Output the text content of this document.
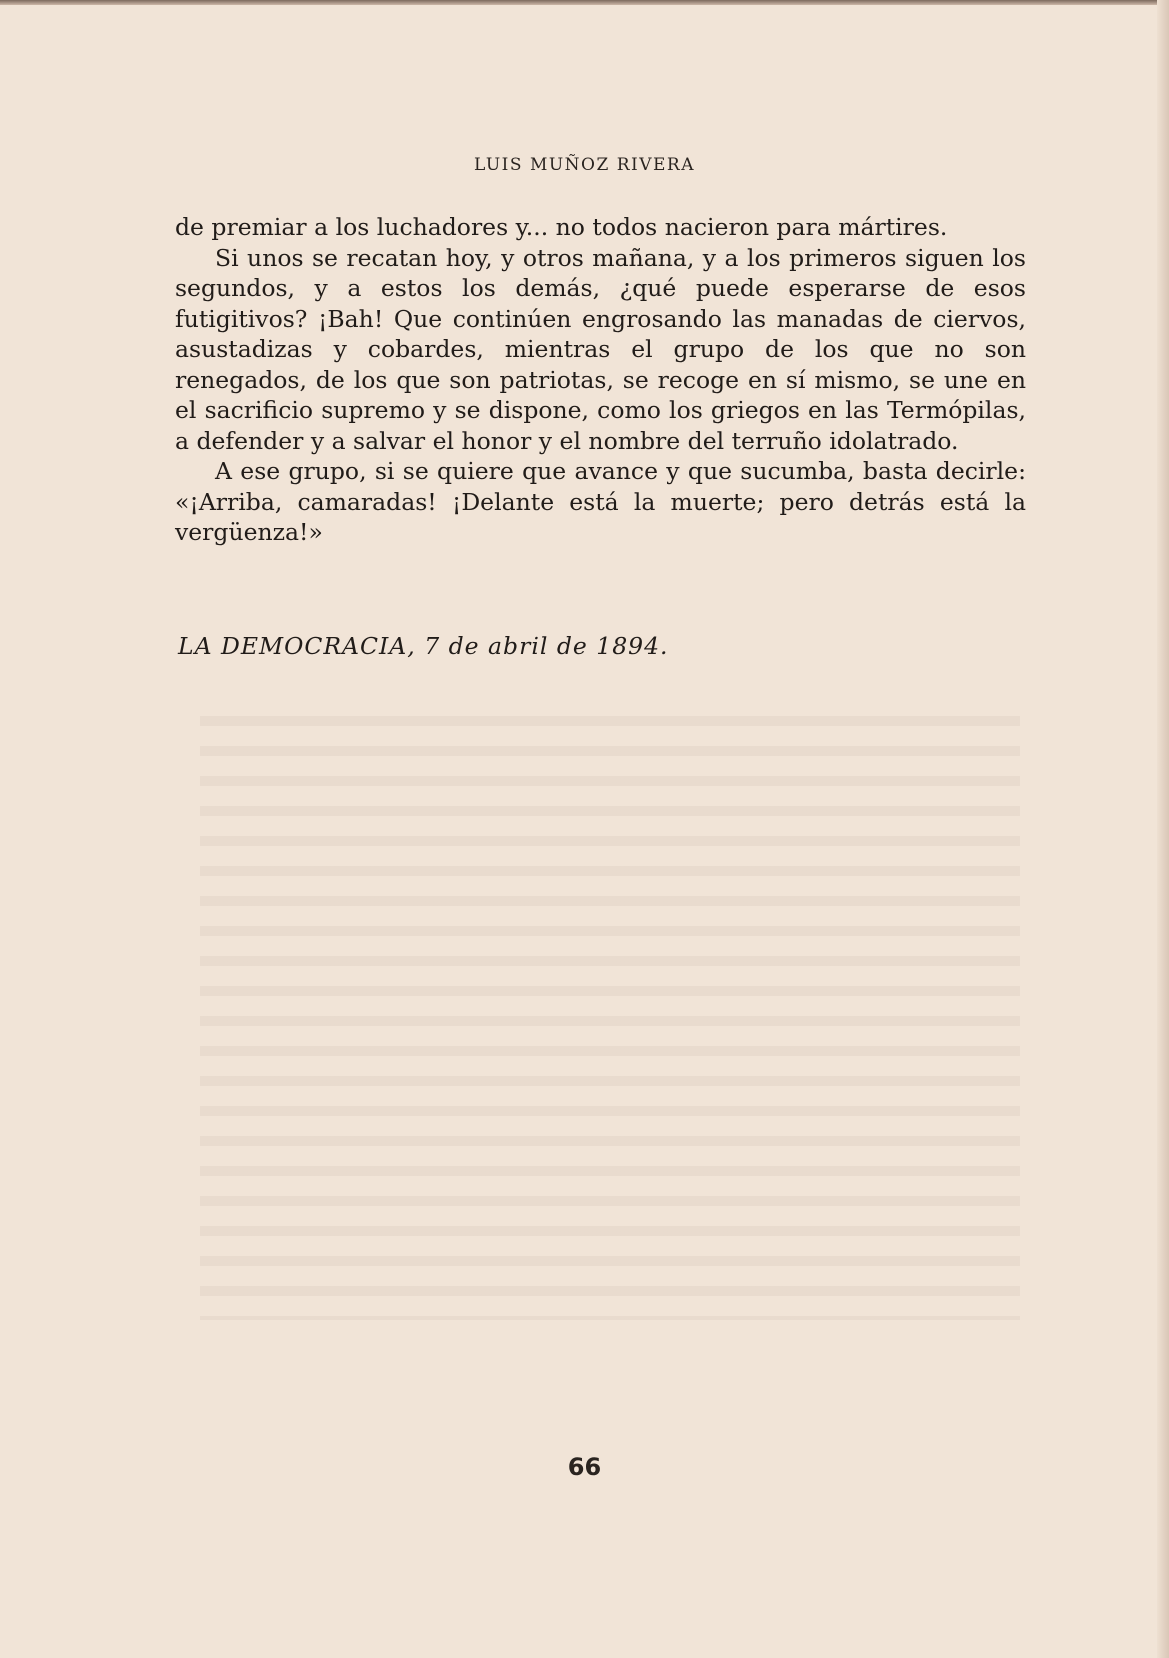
LUIS MUÑOZ RIVERA

de premiar a los luchadores y... no todos nacieron para mártires.

Si unos se recatan hoy, y otros mañana, y a los primeros siguen los segundos, y a estos los demás, ¿qué puede esperarse de esos futigitivos? ¡Bah! Que continúen engrosando las manadas de ciervos, asustadizas y cobardes, mientras el grupo de los que no son renegados, de los que son patriotas, se recoge en sí mismo, se une en el sacrificio supremo y se dispone, como los griegos en las Termópilas, a defender y a salvar el honor y el nombre del terruño idolatrado.

A ese grupo, si se quiere que avance y que sucumba, basta decirle: «¡Arriba, camaradas! ¡Delante está la muerte; pero detrás está la vergüenza!»

LA DEMOCRACIA, 7 de abril de 1894.
66
